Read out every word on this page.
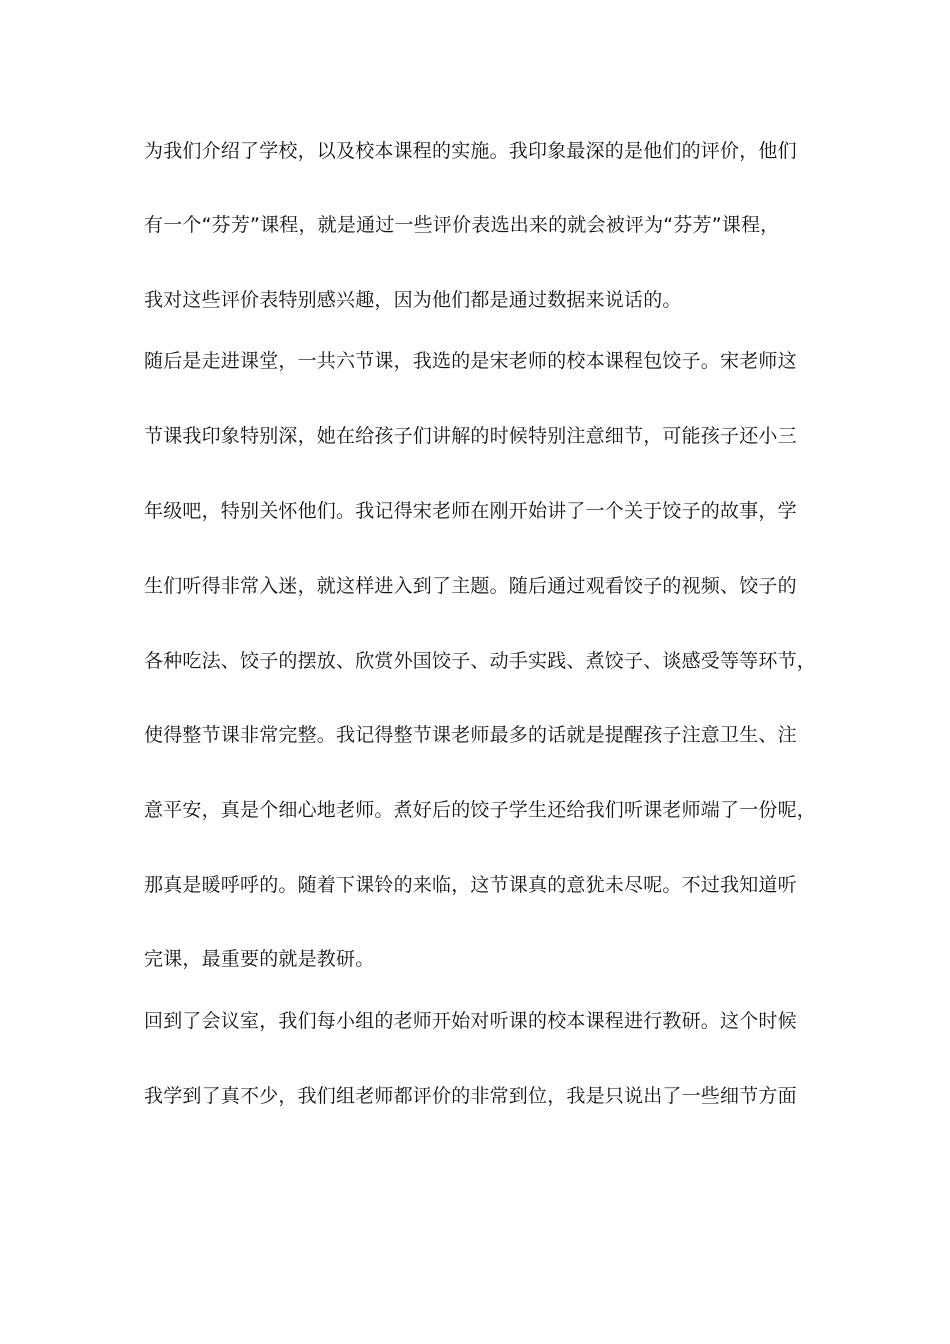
为我们介绍了学校，以及校本课程的实施。我印象最深的是他们的评价，他们
有一个“芬芳”课程，就是通过一些评价表选出来的就会被评为“芬芳”课程，
我对这些评价表特别感兴趣，因为他们都是通过数据来说话的。
随后是走进课堂，一共六节课，我选的是宋老师的校本课程包饺子。宋老师这
节课我印象特别深，她在给孩子们讲解的时候特别注意细节，可能孩子还小三
年级吧，特别关怀他们。我记得宋老师在刚开始讲了一个关于饺子的故事，学
生们听得非常入迷，就这样进入到了主题。随后通过观看饺子的视频、饺子的
各种吃法、饺子的摆放、欣赏外国饺子、动手实践、煮饺子、谈感受等等环节，
使得整节课非常完整。我记得整节课老师最多的话就是提醒孩子注意卫生、注
意平安，真是个细心地老师。煮好后的饺子学生还给我们听课老师端了一份呢，
那真是暖呼呼的。随着下课铃的来临，这节课真的意犹未尽呢。不过我知道听
完课，最重要的就是教研。
回到了会议室，我们每小组的老师开始对听课的校本课程进行教研。这个时候
我学到了真不少，我们组老师都评价的非常到位，我是只说出了一些细节方面
